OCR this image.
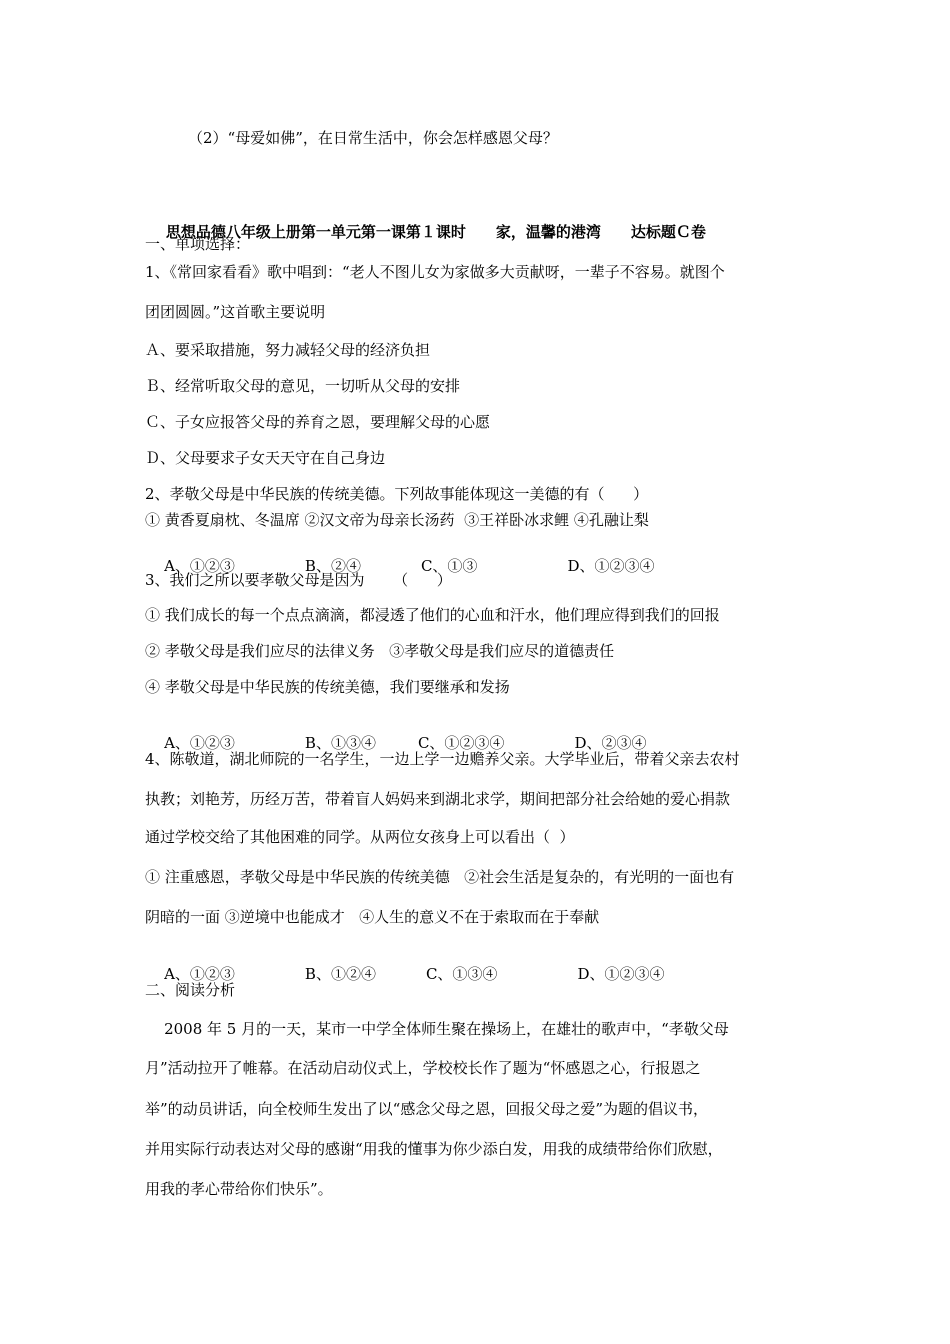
（2）“母爱如佛”，在日常生活中，你会怎样感恩父母？

思想品德八年级上册第一单元第一课第１课时 家，温馨的港湾 达标题Ｃ卷

一、单项选择：
1、《常回家看看》歌中唱到：“老人不图儿女为家做多大贡献呀，一辈子不容易。就图个
团团圆圆。”这首歌主要说明
Ａ、要采取措施，努力减轻父母的经济负担
Ｂ、经常听取父母的意见，一切听从父母的安排
Ｃ、子女应报答父母的养育之恩，要理解父母的心愿
Ｄ、父母要求子女天天守在自己身边
2、孝敬父母是中华民族的传统美德。下列故事能体现这一美德的有（      ）
① 黄香夏扇枕、冬温席 ②汉文帝为母亲长汤药  ③王祥卧冰求鲤 ④孔融让梨

A、①②③	B、②④	C、①③	D、①②③④

3、我们之所以要孝敬父母是因为      （      ）
① 我们成长的每一个点点滴滴，都浸透了他们的心血和汗水，他们理应得到我们的回报
② 孝敬父母是我们应尽的法律义务   ③孝敬父母是我们应尽的道德责任
④ 孝敬父母是中华民族的传统美德，我们要继承和发扬

A、①②③	B、①③④	C、①②③④	D、②③④

4、陈敬道，湖北师院的一名学生，一边上学一边赡养父亲。大学毕业后，带着父亲去农村
执教；刘艳芳，历经万苦，带着盲人妈妈来到湖北求学，期间把部分社会给她的爱心捐款
通过学校交给了其他困难的同学。从两位女孩身上可以看出（  ）
① 注重感恩，孝敬父母是中华民族的传统美德   ②社会生活是复杂的，有光明的一面也有
阴暗的一面 ③逆境中也能成才   ④人生的意义不在于索取而在于奉献

A、①②③	B、①②④	C、①③④	D、①②③④

二、阅读分析
2008 年 5 月的一天，某市一中学全体师生聚在操场上，在雄壮的歌声中，“孝敬父母
月”活动拉开了帷幕。在活动启动仪式上，学校校长作了题为“怀感恩之心，行报恩之
举”的动员讲话，向全校师生发出了以“感念父母之恩，回报父母之爱”为题的倡议书，
并用实际行动表达对父母的感谢“用我的懂事为你少添白发，用我的成绩带给你们欣慰，
用我的孝心带给你们快乐”。
